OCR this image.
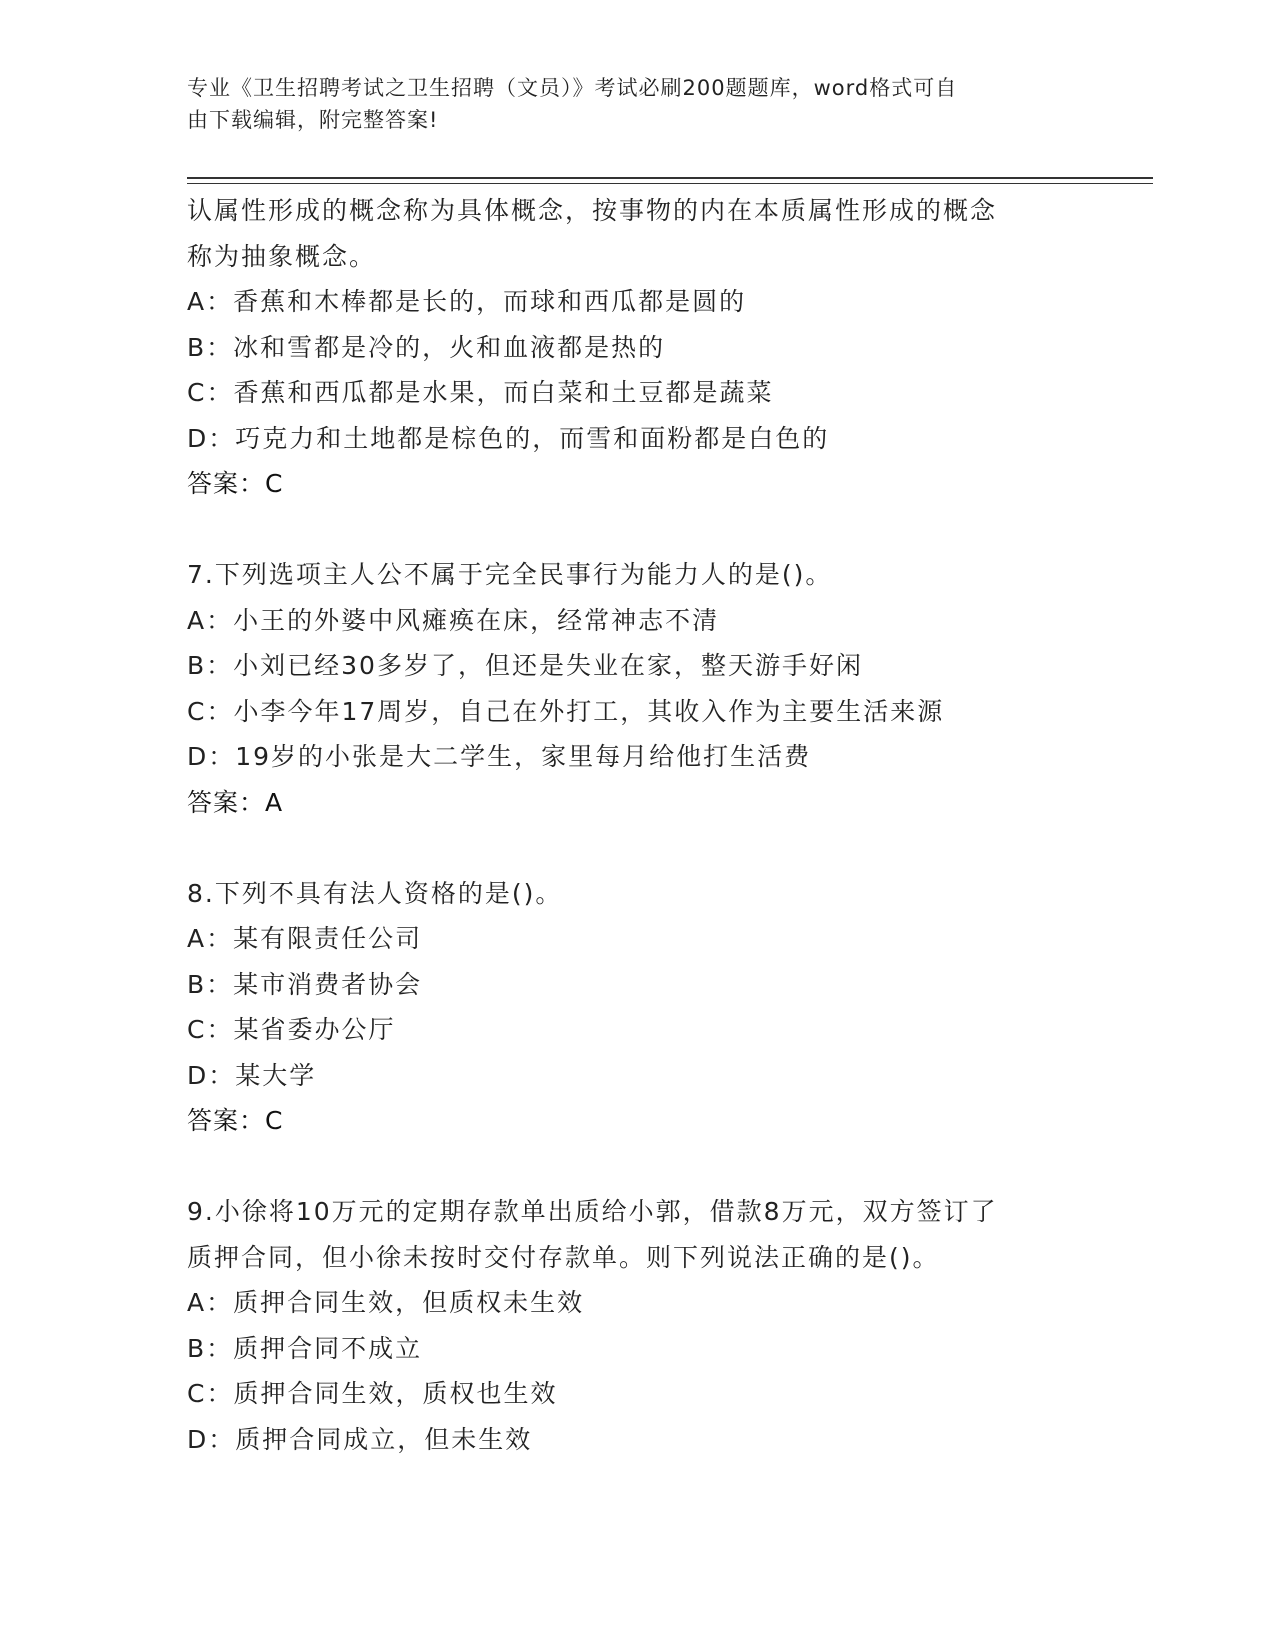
专业《卫生招聘考试之卫生招聘（文员）》考试必刷200题题库，word格式可自
由下载编辑，附完整答案!
认属性形成的概念称为具体概念，按事物的内在本质属性形成的概念
称为抽象概念。
A：香蕉和木棒都是长的，而球和西瓜都是圆的
B：冰和雪都是冷的，火和血液都是热的
C：香蕉和西瓜都是水果，而白菜和土豆都是蔬菜
D：巧克力和土地都是棕色的，而雪和面粉都是白色的
答案：C
7.下列选项主人公不属于完全民事行为能力人的是()。
A：小王的外婆中风瘫痪在床，经常神志不清
B：小刘已经30多岁了，但还是失业在家，整天游手好闲
C：小李今年17周岁，自己在外打工，其收入作为主要生活来源
D：19岁的小张是大二学生，家里每月给他打生活费
答案：A
8.下列不具有法人资格的是()。
A：某有限责任公司
B：某市消费者协会
C：某省委办公厅
D：某大学
答案：C
9.小徐将10万元的定期存款单出质给小郭，借款8万元，双方签订了
质押合同，但小徐未按时交付存款单。则下列说法正确的是()。
A：质押合同生效，但质权未生效
B：质押合同不成立
C：质押合同生效，质权也生效
D：质押合同成立，但未生效
